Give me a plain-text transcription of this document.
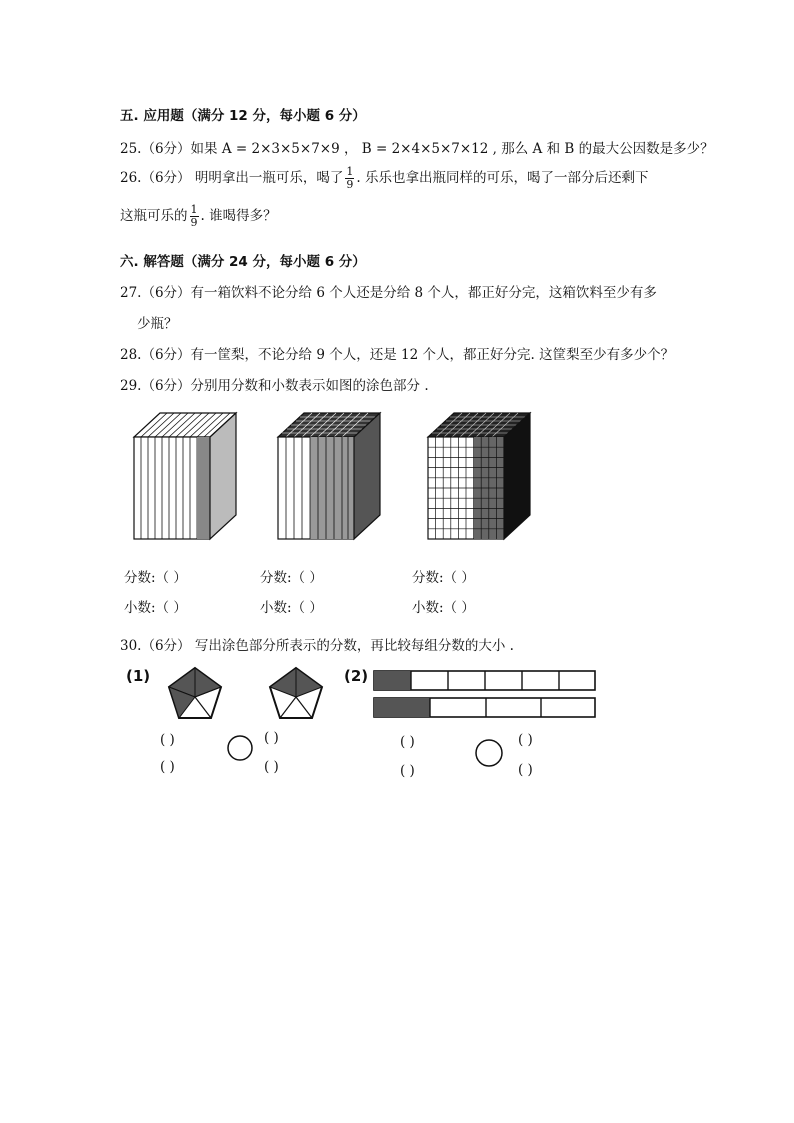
五. 应用题（满分 12 分，每小题 6 分）
25.（6分）如果 A = 2×3×5×7×9 ， B = 2×4×5×7×12 , 那么 A 和 B 的最大公因数是多少？
26.（6分） 明明拿出一瓶可乐，喝了 $\frac{1}{9}$ . 乐乐也拿出瓶同样的可乐，喝了一部分后还剩下
这瓶可乐的 $\frac{1}{9}$ . 谁喝得多？
六. 解答题（满分 24 分，每小题 6 分）
27.（6分）有一箱饮料不论分给 6 个人还是分给 8 个人，都正好分完，这箱饮料至少有多
少瓶？
28.（6分）有一筐梨，不论分给 9 个人，还是 12 个人，都正好分完. 这筐梨至少有多少个？
29.（6分）分别用分数和小数表示如图的涂色部分 .
分数:（ ）	分数:（ ）	分数:（ ）
小数:（ ）	小数:（ ）	小数:（ ）
30.（6分） 写出涂色部分所表示的分数，再比较每组分数的大小 .
(1)	(2)
( )
( )
( )
( )
( )
( )
( )
( )
